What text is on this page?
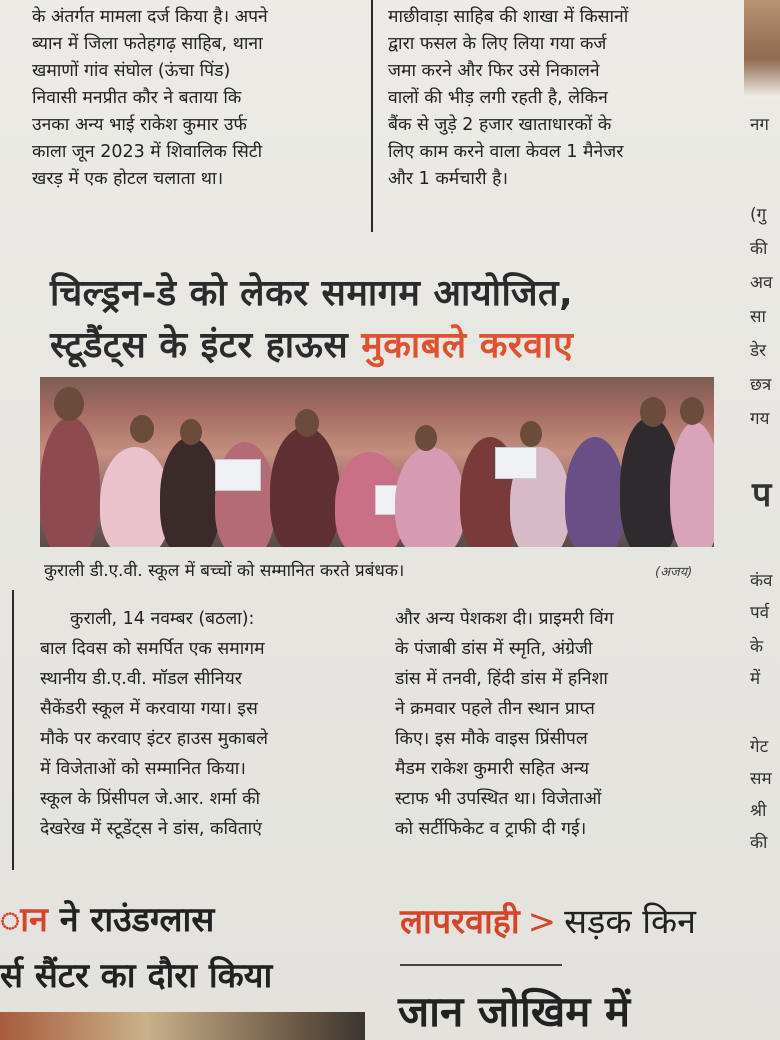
के अंतर्गत मामला दर्ज किया है। अपने
ब्यान में जिला फतेहगढ़ साहिब, थाना
खमाणों गांव संघोल (ऊंचा पिंड)
निवासी मनप्रीत कौर ने बताया कि
उनका अन्य भाई राकेश कुमार उर्फ
काला जून 2023 में शिवालिक सिटी
खरड़ में एक होटल चलाता था।
माछीवाड़ा साहिब की शाखा में किसानों
द्वारा फसल के लिए लिया गया कर्ज
जमा करने और फिर उसे निकालने
वालों की भीड़ लगी रहती है, लेकिन
बैंक से जुड़े 2 हजार खाताधारकों के
लिए काम करने वाला केवल 1 मैनेजर
और 1 कर्मचारी है।
चिल्ड्रन-डे को लेकर समागम आयोजित,
स्टूडैंट्स के इंटर हाऊस मुकाबले करवाए
कुराली डी.ए.वी. स्कूल में बच्चों को सम्मानित करते प्रबंधक।	(अजय)
कुराली, 14 नवम्बर (बठला):
बाल दिवस को समर्पित एक समागम
स्थानीय डी.ए.वी. मॉडल सीनियर
सैकेंडरी स्कूल में करवाया गया। इस
मौके पर करवाए इंटर हाउस मुकाबले
में विजेताओं को सम्मानित किया।
स्कूल के प्रिंसीपल जे.आर. शर्मा की
देखरेख में स्टूडेंट्स ने डांस, कविताएं
और अन्य पेशकश दी। प्राइमरी विंग
के पंजाबी डांस में स्मृति, अंग्रेजी
डांस में तनवी, हिंदी डांस में हनिशा
ने क्रमवार पहले तीन स्थान प्राप्त
किए। इस मौके वाइस प्रिंसीपल
मैडम राकेश कुमारी सहित अन्य
स्टाफ भी उपस्थित था। विजेताओं
को सर्टीफिकेट व ट्राफी दी गई।
ान ने राउंडग्लास
र्स सैंटर का दौरा किया
लापरवाही > सड़क किन
जान जोखिम में
नग
(गु
की
अव
सा
डेर
छत्र
गय
प
कंव
पर्व
के
में
गेट
सम
श्री
की
